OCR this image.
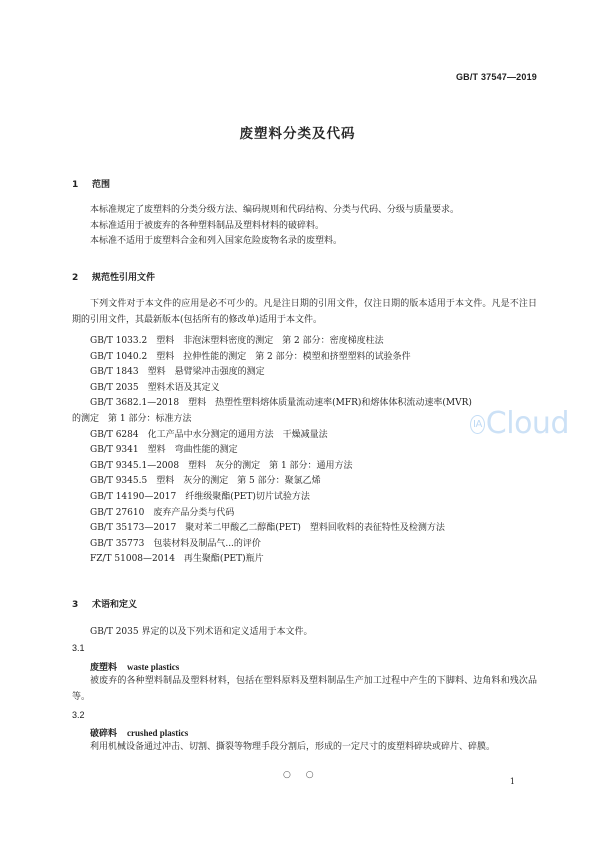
GB/T 37547—2019
废塑料分类及代码
1 范围

本标准规定了废塑料的分类分级方法、编码规则和代码结构、分类与代码、分级与质量要求。

本标准适用于被废弃的各种塑料制品及塑料材料的破碎料。

本标准不适用于废塑料合金和列入国家危险废物名录的废塑料。

2 规范性引用文件

下列文件对于本文件的应用是必不可少的。凡是注日期的引用文件，仅注日期的版本适用于本文件。凡是不注日期的引用文件，其最新版本(包括所有的修改单)适用于本文件。

GB/T 1033.2　塑料　非泡沫塑料密度的测定　第 2 部分：密度梯度柱法
GB/T 1040.2　塑料　拉伸性能的测定　第 2 部分：模塑和挤塑塑料的试验条件
GB/T 1843　塑料　悬臂梁冲击强度的测定
GB/T 2035　塑料术语及其定义
GB/T 3682.1—2018　塑料　热塑性塑料熔体质量流动速率(MFR)和熔体体积流动速率(MVR)
GB/T 6284　化工产品中水分测定的通用方法　干燥减量法
GB/T 9341　塑料　弯曲性能的测定
GB/T 9345.1—2008　塑料　灰分的测定　第 1 部分：通用方法
GB/T 9345.5　塑料　灰分的测定　第 5 部分：聚氯乙烯
GB/T 14190—2017　纤维级聚酯(PET)切片试验方法
GB/T 27610　废弃产品分类与代码
GB/T 35173—2017　聚对苯二甲酸乙二醇酯(PET)　塑料回收料的表征特性及检测方法
GB/T 35773　包装材料及制品气...的评价
FZ/T 51008—2014　再生聚酯(PET)瓶片
的测定　第 1 部分：标准方法
3 术语和定义

GB/T 2035 界定的以及下列术语和定义适用于本文件。

3.1
废塑料 waste plastics

被废弃的各种塑料制品及塑料材料，包括在塑料原料及塑料制品生产加工过程中产生的下脚料、边角料和残次品等。

3.2
破碎料 crushed plastics

利用机械设备通过冲击、切割、撕裂等物理手段分割后，形成的一定尺寸的废塑料碎块或碎片、碎膜。

○ ○
1
IA Cloud
